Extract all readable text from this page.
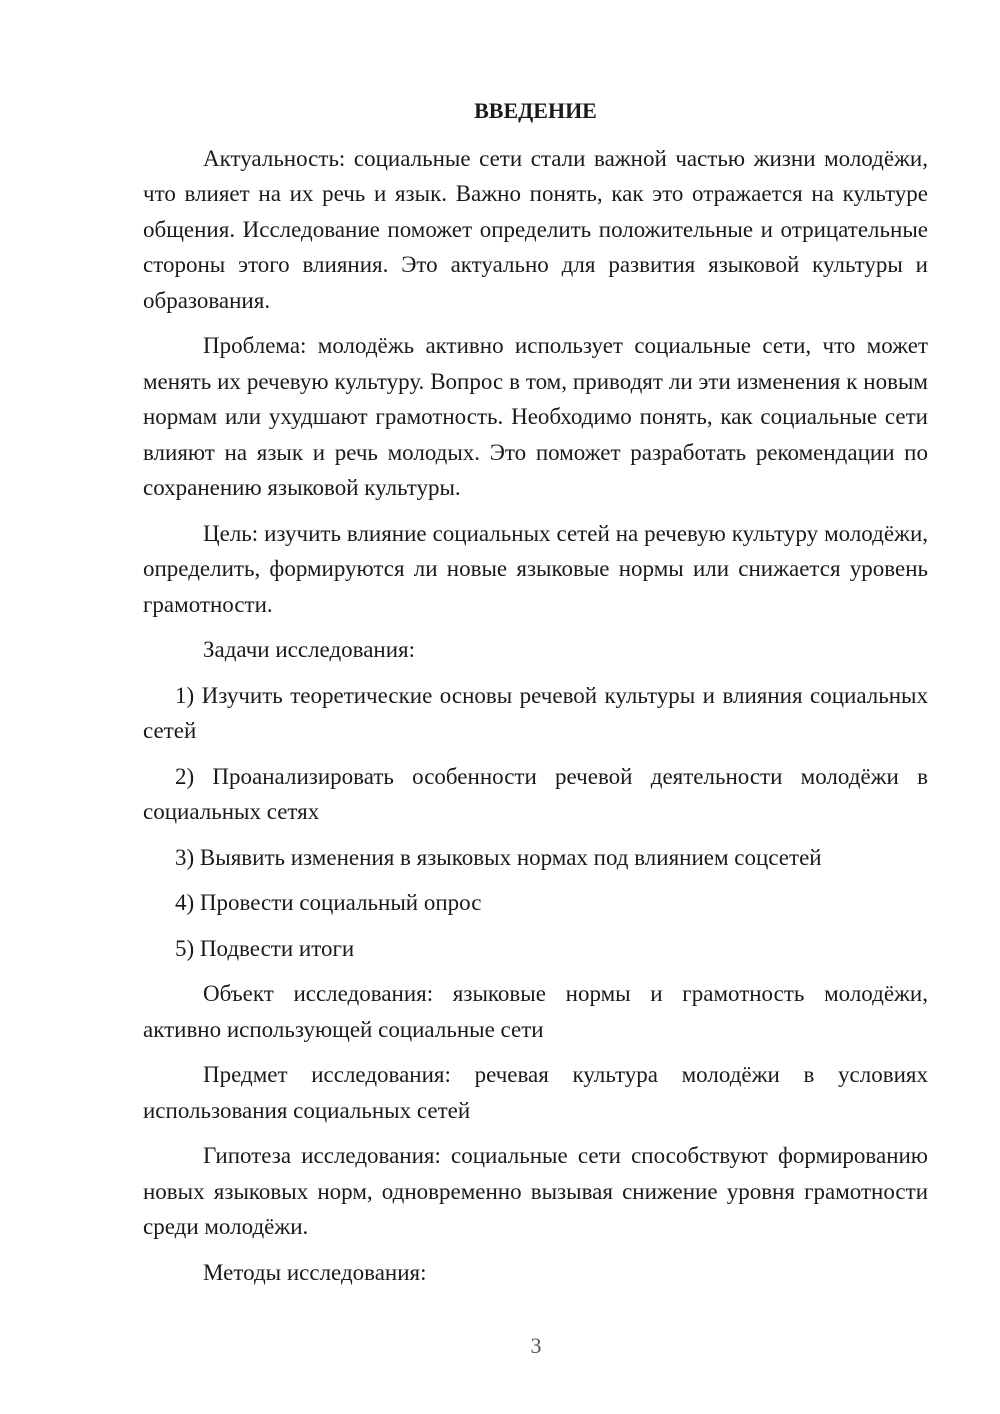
ВВЕДЕНИЕ

Актуальность: социальные сети стали важной частью жизни молодёжи, что влияет на их речь и язык. Важно понять, как это отражается на культуре общения. Исследование поможет определить положительные и отрицательные стороны этого влияния. Это актуально для развития языковой культуры и образования.

Проблема: молодёжь активно использует социальные сети, что может менять их речевую культуру. Вопрос в том, приводят ли эти изменения к новым нормам или ухудшают грамотность. Необходимо понять, как социальные сети влияют на язык и речь молодых. Это поможет разработать рекомендации по сохранению языковой культуры.

Цель: изучить влияние социальных сетей на речевую культуру молодёжи, определить, формируются ли новые языковые нормы или снижается уровень грамотности.

Задачи исследования:

1) Изучить теоретические основы речевой культуры и влияния социальных сетей

2) Проанализировать особенности речевой деятельности молодёжи в социальных сетях

3) Выявить изменения в языковых нормах под влиянием соцсетей

4) Провести социальный опрос

5) Подвести итоги

Объект исследования: языковые нормы и грамотность молодёжи, активно использующей социальные сети

Предмет исследования: речевая культура молодёжи в условиях использования социальных сетей

Гипотеза исследования: социальные сети способствуют формированию новых языковых норм, одновременно вызывая снижение уровня грамотности среди молодёжи.

Методы исследования:

3
